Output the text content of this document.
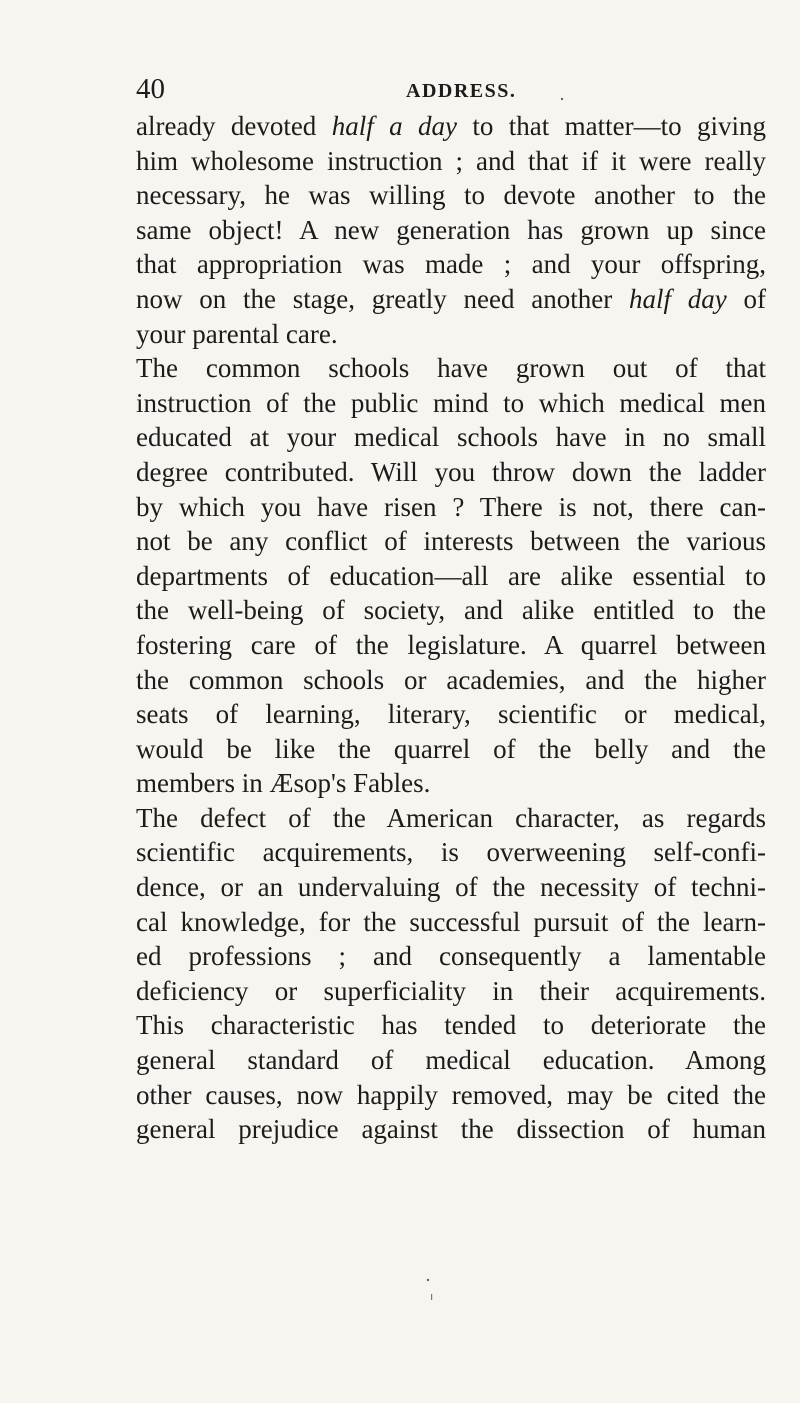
40	ADDRESS.
already devoted half a day to that matter—to giving
him wholesome instruction ; and that if it were really
necessary, he was willing to devote another to the
same object! A new generation has grown up since
that appropriation was made ; and your offspring,
now on the stage, greatly need another half day of
your parental care.
The common schools have grown out of that
instruction of the public mind to which medical men
educated at your medical schools have in no small
degree contributed. Will you throw down the ladder
by which you have risen ? There is not, there can-
not be any conflict of interests between the various
departments of education—all are alike essential to
the well-being of society, and alike entitled to the
fostering care of the legislature. A quarrel between
the common schools or academies, and the higher
seats of learning, literary, scientific or medical,
would be like the quarrel of the belly and the
members in Æsop's Fables.
The defect of the American character, as regards
scientific acquirements, is overweening self-confi-
dence, or an undervaluing of the necessity of techni-
cal knowledge, for the successful pursuit of the learn-
ed professions ; and consequently a lamentable
deficiency or superficiality in their acquirements.
This characteristic has tended to deteriorate the
general standard of medical education. Among
other causes, now happily removed, may be cited the
general prejudice against the dissection of human
